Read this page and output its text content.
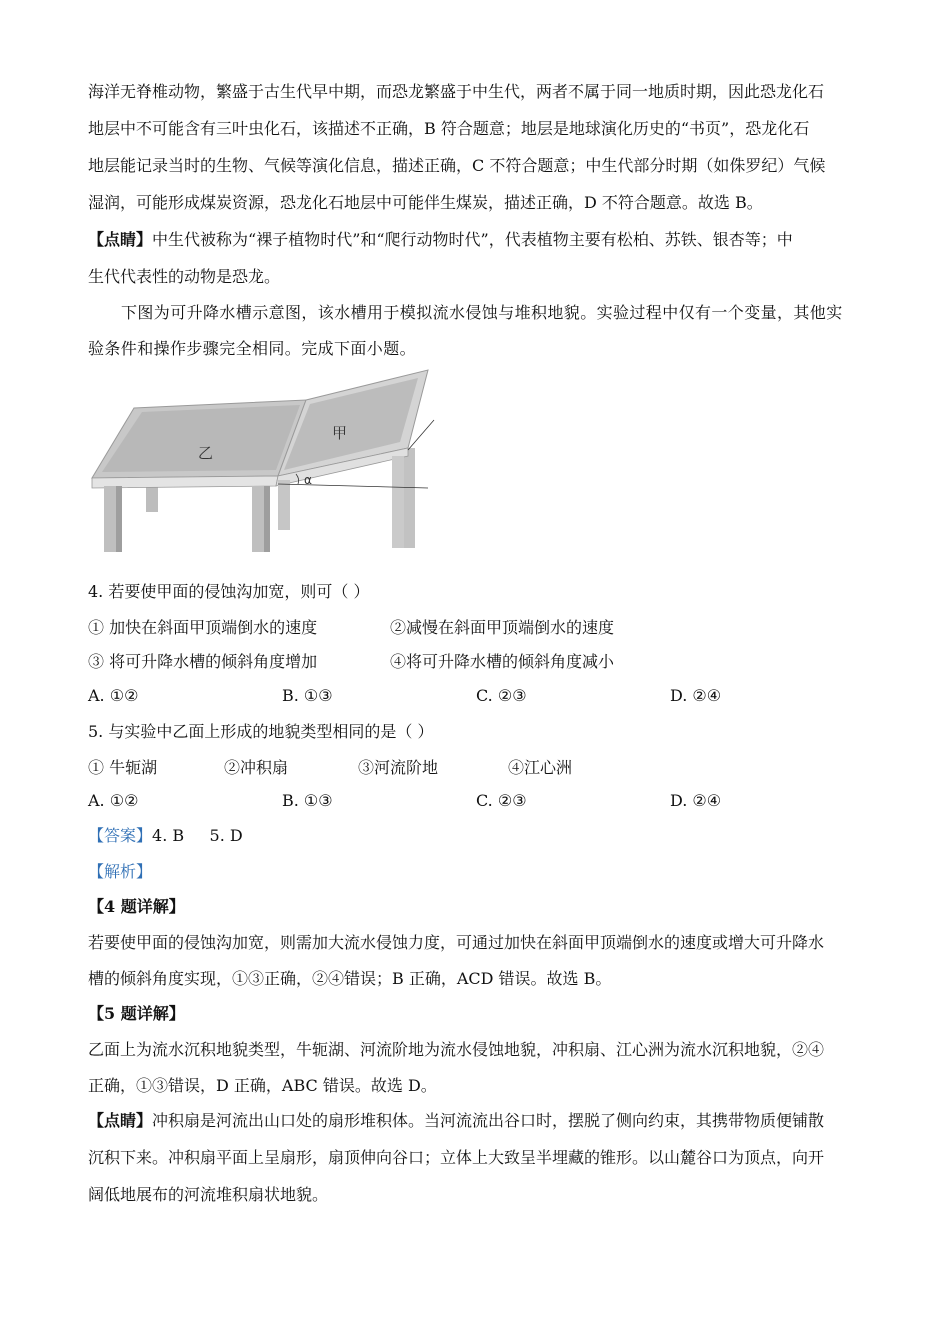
海洋无脊椎动物，繁盛于古生代早中期，而恐龙繁盛于中生代，两者不属于同一地质时期，因此恐龙化石

地层中不可能含有三叶虫化石，该描述不正确，B 符合题意；地层是地球演化历史的“书页”，恐龙化石

地层能记录当时的生物、气候等演化信息，描述正确，C 不符合题意；中生代部分时期（如侏罗纪）气候

湿润，可能形成煤炭资源，恐龙化石地层中可能伴生煤炭，描述正确，D 不符合题意。故选 B。

【点睛】中生代被称为“裸子植物时代”和“爬行动物时代”，代表植物主要有松柏、苏铁、银杏等；中

生代代表性的动物是恐龙。

下图为可升降水槽示意图，该水槽用于模拟流水侵蚀与堆积地貌。实验过程中仅有一个变量，其他实

验条件和操作步骤完全相同。完成下面小题。

乙
甲
α

4. 若要使甲面的侵蚀沟加宽，则可（ ）

① 加快在斜面甲顶端倒水的速度	②减慢在斜面甲顶端倒水的速度
③ 将可升降水槽的倾斜角度增加	④将可升降水槽的倾斜角度减小
A. ①②	B. ①③	C. ②③	D. ②④

5. 与实验中乙面上形成的地貌类型相同的是（ ）

① 牛轭湖	②冲积扇	③河流阶地	④江心洲
A. ①②	B. ①③	C. ②③	D. ②④

【答案】4. B     5. D

【解析】

【4 题详解】

若要使甲面的侵蚀沟加宽，则需加大流水侵蚀力度，可通过加快在斜面甲顶端倒水的速度或增大可升降水

槽的倾斜角度实现，①③正确，②④错误；B 正确，ACD 错误。故选 B。

【5 题详解】

乙面上为流水沉积地貌类型，牛轭湖、河流阶地为流水侵蚀地貌，冲积扇、江心洲为流水沉积地貌，②④

正确，①③错误，D 正确，ABC 错误。故选 D。

【点睛】冲积扇是河流出山口处的扇形堆积体。当河流流出谷口时，摆脱了侧向约束，其携带物质便铺散

沉积下来。冲积扇平面上呈扇形，扇顶伸向谷口；立体上大致呈半埋藏的锥形。以山麓谷口为顶点，向开

阔低地展布的河流堆积扇状地貌。
